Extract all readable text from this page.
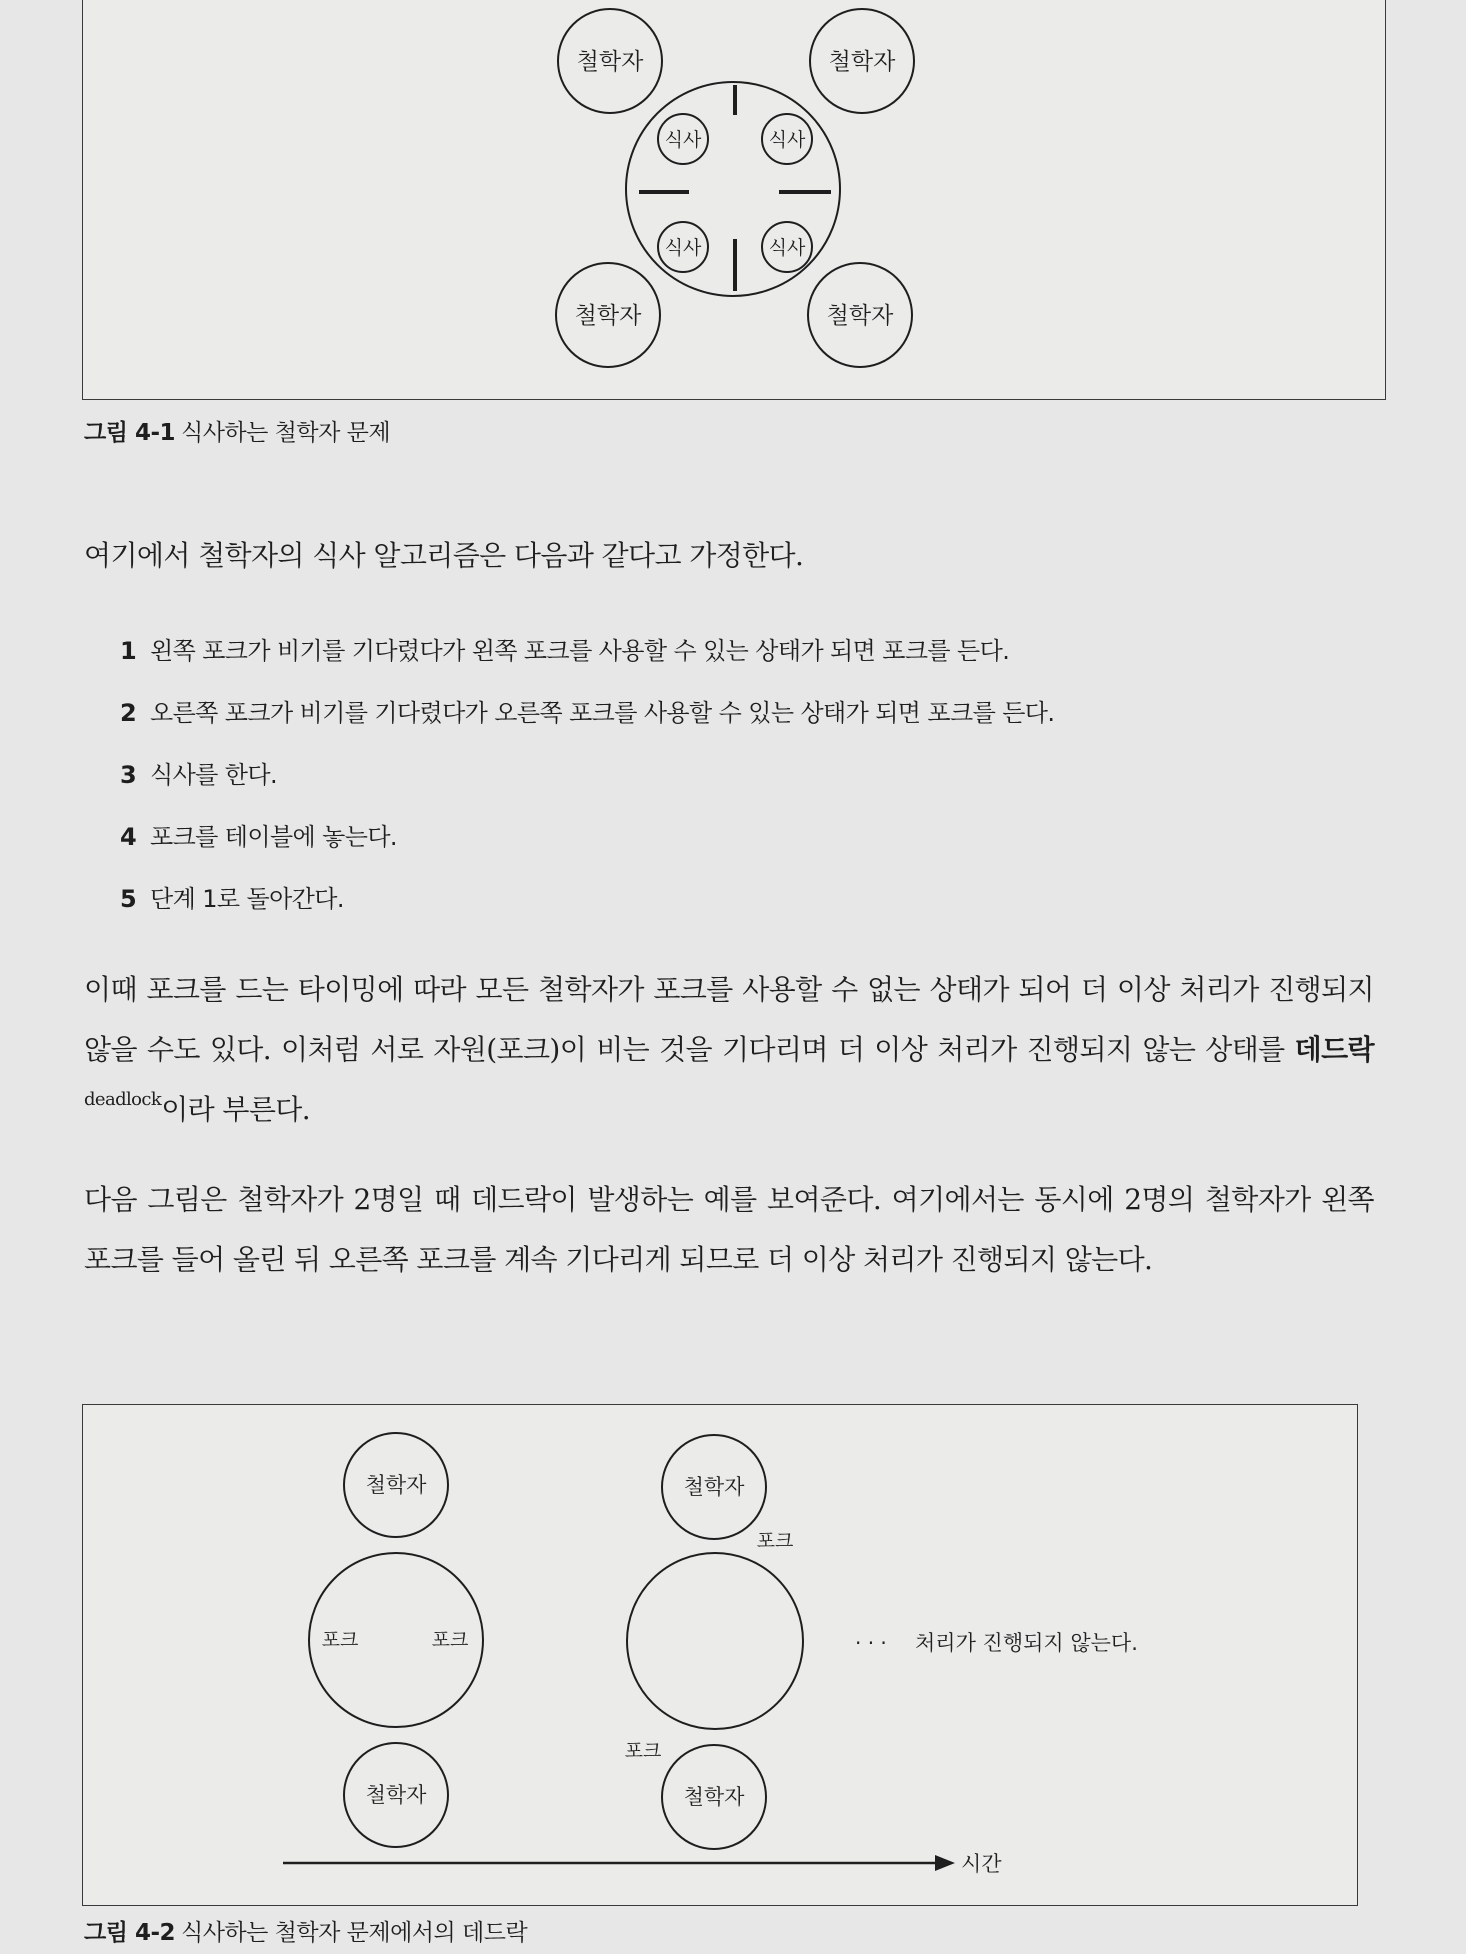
철학자	철학자
철학자	철학자
식사	식사
식사	식사
그림 4-1 식사하는 철학자 문제

여기에서 철학자의 식사 알고리즘은 다음과 같다고 가정한다.

1 왼쪽 포크가 비기를 기다렸다가 왼쪽 포크를 사용할 수 있는 상태가 되면 포크를 든다.
2 오른쪽 포크가 비기를 기다렸다가 오른쪽 포크를 사용할 수 있는 상태가 되면 포크를 든다.
3 식사를 한다.
4 포크를 테이블에 놓는다.
5 단계 1로 돌아간다.

이때 포크를 드는 타이밍에 따라 모든 철학자가 포크를 사용할 수 없는 상태가 되어 더 이상 처리가 진행되지 않을 수도 있다. 이처럼 서로 자원(포크)이 비는 것을 기다리며 더 이상 처리가 진행되지 않는 상태를 데드락$^{deadlock}$이라 부른다.

다음 그림은 철학자가 2명일 때 데드락이 발생하는 예를 보여준다. 여기에서는 동시에 2명의 철학자가 왼쪽 포크를 들어 올린 뒤 오른쪽 포크를 계속 기다리게 되므로 더 이상 처리가 진행되지 않는다.

철학자
철학자
철학자
철학자
포크	포크
포크
포크
· · · 처리가 진행되지 않는다.
시간
그림 4-2 식사하는 철학자 문제에서의 데드락
